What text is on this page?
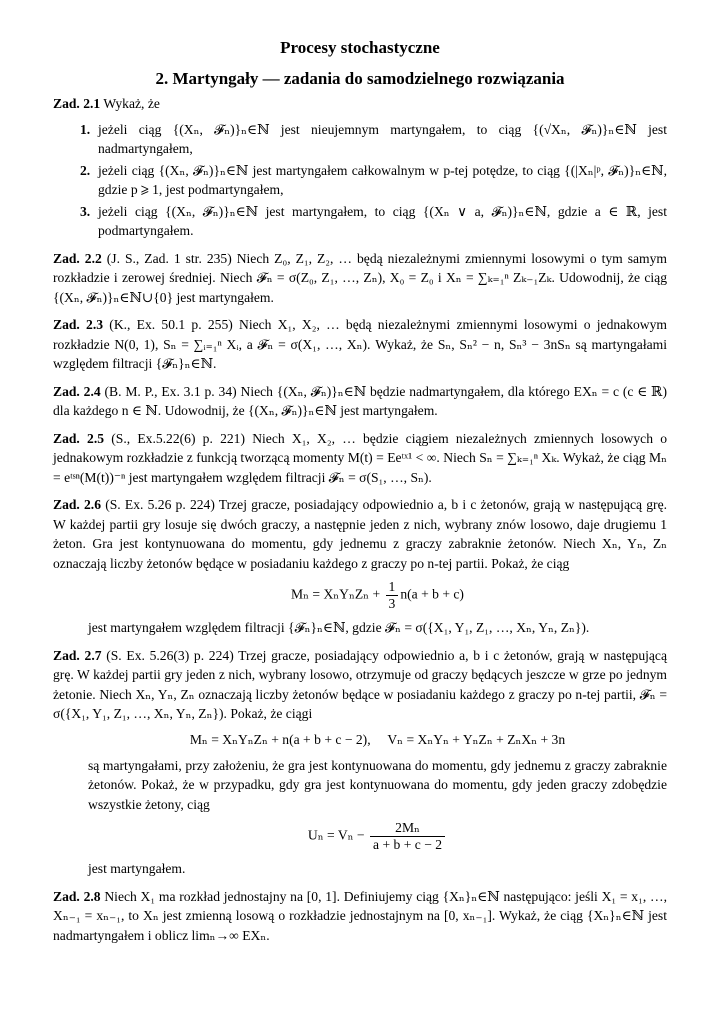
Procesy stochastyczne
2. Martyngały — zadania do samodzielnego rozwiązania
Zad. 2.1 Wykaż, że
1. jeżeli ciąg {(Xₙ, 𝓕ₙ)}ₙ∈ℕ jest nieujemnym martyngałem, to ciąg {(√Xₙ, 𝓕ₙ)}ₙ∈ℕ jest nadmartyngałem,
2. jeżeli ciąg {(Xₙ, 𝓕ₙ)}ₙ∈ℕ jest martyngałem całkowalnym w p-tej potędze, to ciąg {(|Xₙ|ᵖ, 𝓕ₙ)}ₙ∈ℕ, gdzie p ⩾ 1, jest podmartyngałem,
3. jeżeli ciąg {(Xₙ, 𝓕ₙ)}ₙ∈ℕ jest martyngałem, to ciąg {(Xₙ ∨ a, 𝓕ₙ)}ₙ∈ℕ, gdzie a ∈ ℝ, jest podmartyngałem.
Zad. 2.2 (J. S., Zad. 1 str. 235) Niech Z₀, Z₁, Z₂, … będą niezależnymi zmiennymi losowymi o tym samym rozkładzie i zerowej średniej. Niech 𝓕ₙ = σ(Z₀, Z₁, …, Zₙ), X₀ = Z₀ i Xₙ = ∑ₖ₌₁ⁿ Zₖ₋₁Zₖ. Udowodnij, że ciąg {(Xₙ, 𝓕ₙ)}ₙ∈ℕ∪{0} jest martyngałem.
Zad. 2.3 (K., Ex. 50.1 p. 255) Niech X₁, X₂, … będą niezależnymi zmiennymi losowymi o jednakowym rozkładzie N(0, 1), Sₙ = ∑ᵢ₌₁ⁿ Xᵢ, a 𝓕ₙ = σ(X₁, …, Xₙ). Wykaż, że Sₙ, Sₙ² − n, Sₙ³ − 3nSₙ są martyngałami względem filtracji {𝓕ₙ}ₙ∈ℕ.
Zad. 2.4 (B. M. P., Ex. 3.1 p. 34) Niech {(Xₙ, 𝓕ₙ)}ₙ∈ℕ będzie nadmartyngałem, dla którego EXₙ = c (c ∈ ℝ) dla każdego n ∈ ℕ. Udowodnij, że {(Xₙ, 𝓕ₙ)}ₙ∈ℕ jest martyngałem.
Zad. 2.5 (S., Ex.5.22(6) p. 221) Niech X₁, X₂, … będzie ciągiem niezależnych zmiennych losowych o jednakowym rozkładzie z funkcją tworzącą momenty M(t) = Eeᵗˣ¹ < ∞. Niech Sₙ = ∑ₖ₌₁ⁿ Xₖ. Wykaż, że ciąg Mₙ = eᵗˢⁿ(M(t))⁻ⁿ jest martyngałem względem filtracji 𝓕ₙ = σ(S₁, …, Sₙ).
Zad. 2.6 (S. Ex. 5.26 p. 224) Trzej gracze, posiadający odpowiednio a, b i c żetonów, grają w następującą grę. W każdej partii gry losuje się dwóch graczy, a następnie jeden z nich, wybrany znów losowo, daje drugiemu 1 żeton. Gra jest kontynuowana do momentu, gdy jednemu z graczy zabraknie żetonów. Niech Xₙ, Yₙ, Zₙ oznaczają liczby żetonów będące w posiadaniu każdego z graczy po n-tej partii. Pokaż, że ciąg
$M_n = X_nY_nZ_n + \frac{1}{3} n(a + b + c)$
jest martyngałem względem filtracji {𝓕ₙ}ₙ∈ℕ, gdzie 𝓕ₙ = σ({X₁, Y₁, Z₁, …, Xₙ, Yₙ, Zₙ}).
Zad. 2.7 (S. Ex. 5.26(3) p. 224) Trzej gracze, posiadający odpowiednio a, b i c żetonów, grają w następującą grę. W każdej partii gry jeden z nich, wybrany losowo, otrzymuje od graczy będących jeszcze w grze po jednym żetonie. Niech Xₙ, Yₙ, Zₙ oznaczają liczby żetonów będące w posiadaniu każdego z graczy po n-tej partii, 𝓕ₙ = σ({X₁, Y₁, Z₁, …, Xₙ, Yₙ, Zₙ}). Pokaż, że ciągi
Mₙ = XₙYₙZₙ + n(a + b + c − 2),     Vₙ = XₙYₙ + YₙZₙ + ZₙXₙ + 3n
są martyngałami, przy założeniu, że gra jest kontynuowana do momentu, gdy jednemu z graczy zabraknie żetonów. Pokaż, że w przypadku, gdy gra jest kontynuowana do momentu, gdy jeden graczy zdobędzie wszystkie żetony, ciąg
$U_n = V_n - \frac{\text{2Mₙ}}{a + b + c - 2}$
jest martyngałem.
Zad. 2.8 Niech X₁ ma rozkład jednostajny na [0, 1]. Definiujemy ciąg {Xₙ}ₙ∈ℕ następująco: jeśli X₁ = x₁, …, Xₙ₋₁ = xₙ₋₁, to Xₙ jest zmienną losową o rozkładzie jednostajnym na [0, xₙ₋₁]. Wykaż, że ciąg {Xₙ}ₙ∈ℕ jest nadmartyngałem i oblicz limₙ→∞ EXₙ.
